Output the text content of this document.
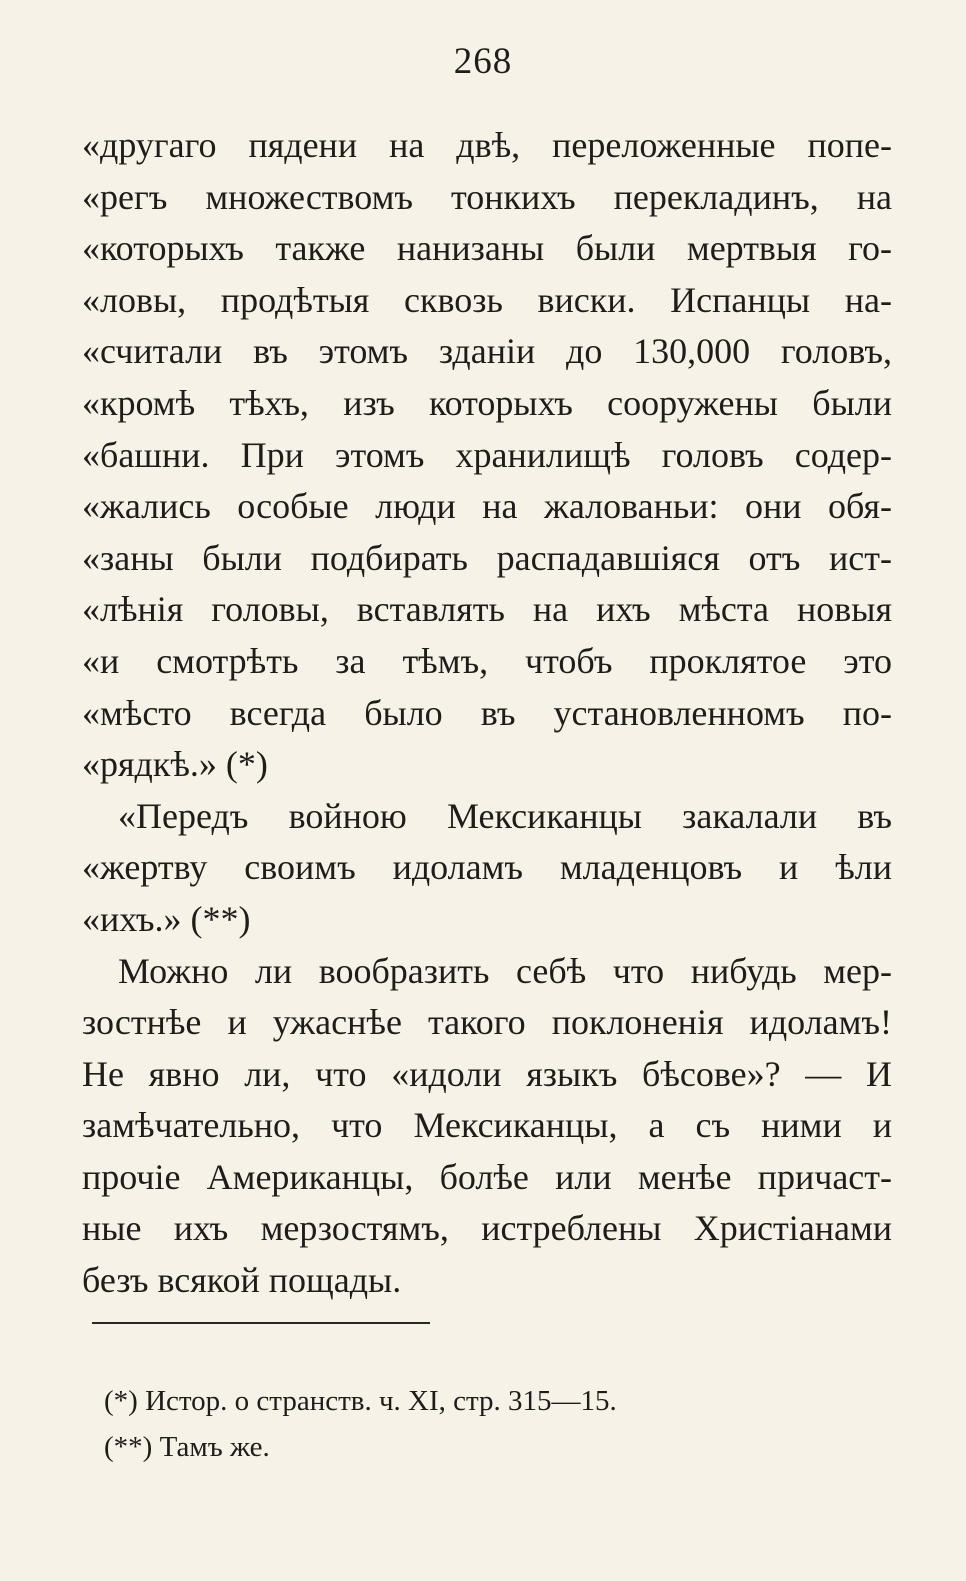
268
«другаго пядени на двѣ, переложенные попе-
«регъ множествомъ тонкихъ перекладинъ, на
«которыхъ также нанизаны были мертвыя го-
«ловы, продѣтыя сквозь виски. Испанцы на-
«считали въ этомъ зданіи до 130,000 головъ,
«кромѣ тѣхъ, изъ которыхъ сооружены были
«башни. При этомъ хранилищѣ головъ содер-
«жались особые люди на жалованьи: они обя-
«заны были подбирать распадавшіяся отъ ист-
«лѣнія головы, вставлять на ихъ мѣста новыя
«и смотрѣть за тѣмъ, чтобъ проклятое это
«мѣсто всегда было въ установленномъ по-
«рядкѣ.» (*)
«Передъ войною Мексиканцы закалали въ
«жертву своимъ идоламъ младенцовъ и ѣли
«ихъ.» (**)
Можно ли вообразить себѣ что нибудь мер-
зостнѣе и ужаснѣе такого поклоненія идоламъ!
Не явно ли, что «идоли языкъ бѣсове»? — И
замѣчательно, что Мексиканцы, а съ ними и
прочіе Американцы, болѣе или менѣе причаст-
ные ихъ мерзостямъ, истреблены Христіанами
безъ всякой пощады.
(*) Истор. о странств. ч. XI, стр. 315—15.
(**) Тамъ же.
